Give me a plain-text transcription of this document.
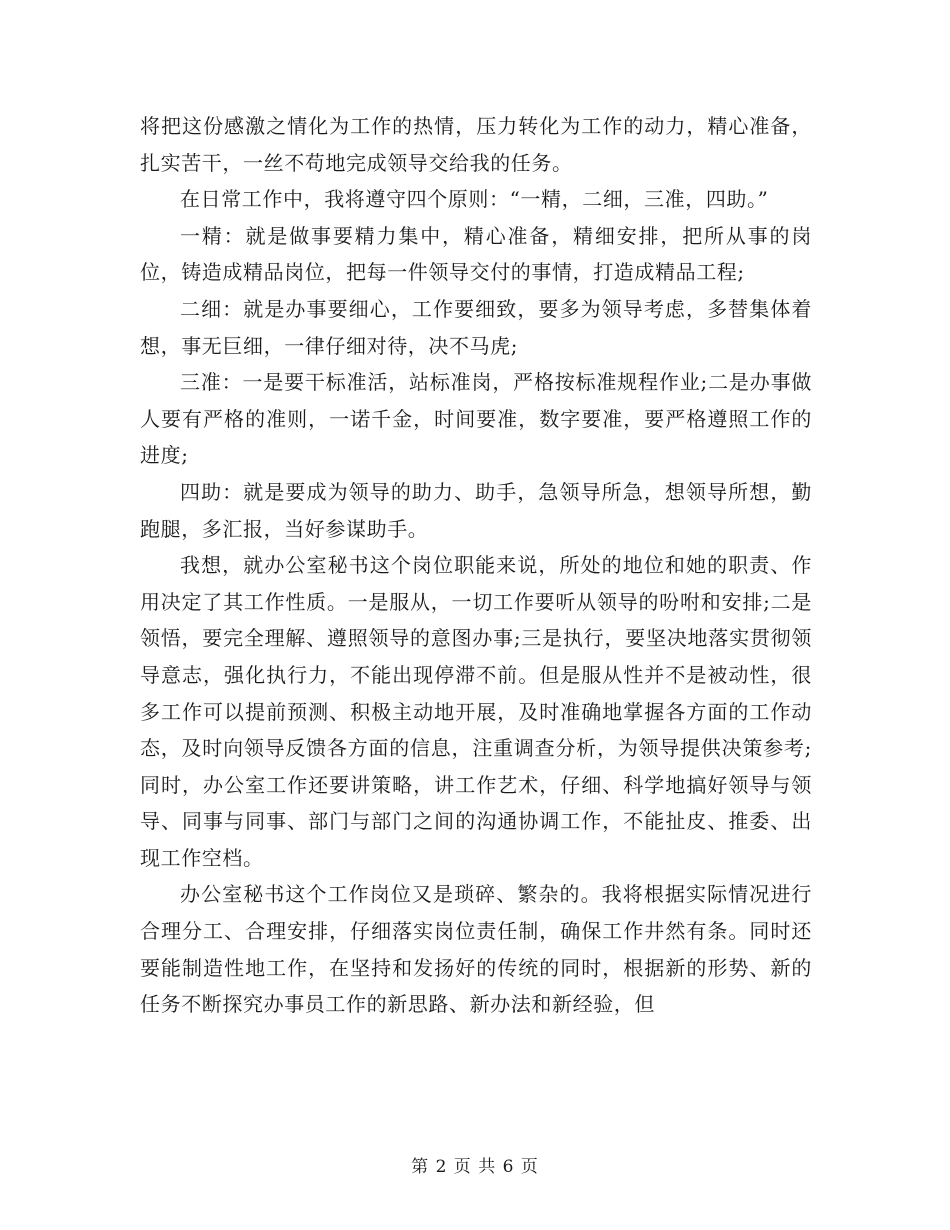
将把这份感激之情化为工作的热情，压力转化为工作的动力，精心准备，扎实苦干，一丝不苟地完成领导交给我的任务。

在日常工作中，我将遵守四个原则：“一精，二细，三准，四助。”

一精：就是做事要精力集中，精心准备，精细安排，把所从事的岗位，铸造成精品岗位，把每一件领导交付的事情，打造成精品工程;

二细：就是办事要细心，工作要细致，要多为领导考虑，多替集体着想，事无巨细，一律仔细对待，决不马虎;

三准：一是要干标准活，站标准岗，严格按标准规程作业;二是办事做人要有严格的准则，一诺千金，时间要准，数字要准，要严格遵照工作的进度;

四助：就是要成为领导的助力、助手，急领导所急，想领导所想，勤跑腿，多汇报，当好参谋助手。

我想，就办公室秘书这个岗位职能来说，所处的地位和她的职责、作用决定了其工作性质。一是服从，一切工作要听从领导的吩咐和安排;二是领悟，要完全理解、遵照领导的意图办事;三是执行，要坚决地落实贯彻领导意志，强化执行力，不能出现停滞不前。但是服从性并不是被动性，很多工作可以提前预测、积极主动地开展，及时准确地掌握各方面的工作动态，及时向领导反馈各方面的信息，注重调查分析，为领导提供决策参考;同时，办公室工作还要讲策略，讲工作艺术，仔细、科学地搞好领导与领导、同事与同事、部门与部门之间的沟通协调工作，不能扯皮、推委、出现工作空档。

办公室秘书这个工作岗位又是琐碎、繁杂的。我将根据实际情况进行合理分工、合理安排，仔细落实岗位责任制，确保工作井然有条。同时还要能制造性地工作，在坚持和发扬好的传统的同时，根据新的形势、新的任务不断探究办事员工作的新思路、新办法和新经验，但

第 2 页 共 6 页
